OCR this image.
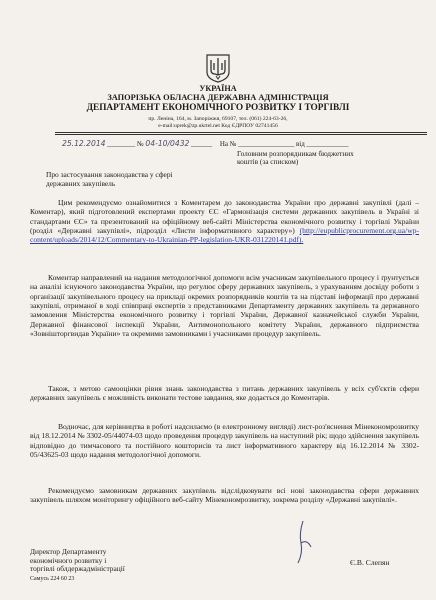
УКРАЇНА
ЗАПОРІЗЬКА ОБЛАСНА ДЕРЖАВНА АДМІНІСТРАЦІЯ
ДЕПАРТАМЕНТ ЕКОНОМІЧНОГО РОЗВИТКУ І ТОРГІВЛІ
пр. Леніна, 164, м. Запоріжжя, 69107, тел. (061) 224-63-26,
e-mail:uprek@zp.ukrtel.net Код ЄДРПОУ 02741456
25.12.2014 ________ № 04-10/0432 ______ На № ________________ від ____________
Головним розпорядникам бюджетних
коштів (за списком)
Про застосування законодавства у сфері
державних закупівель

Цим рекомендуємо ознайомитися з Коментарем до законодавства України про державні закупівлі (далі – Коментар), який підготовлений експертами проекту ЄС «Гармонізація системи державних закупівель в Україні зі стандартами ЄС» та презентований на офіційному веб-сайті Міністерства економічного розвитку і торгівлі України (розділ «Державні закупівлі», підрозділ «Листи інформативного характеру») (http://eupublicprocurement.org.ua/wp-content/uploads/2014/12/Commentary-to-Ukrainian-PP-legislation-UKR-031220141.pdf).

Коментар направлений на надання методологічної допомоги всім учасникам закупівельного процесу і ґрунтується на аналізі існуючого законодавства України, що регулює сферу державних закупівель, з урахуванням досвіду роботи з організації закупівельного процесу на прикладі окремих розпорядників коштів та на підставі інформації про державні закупівлі, отриманої в ході співпраці експертів з представниками Департаменту державних закупівель та державного замовлення Міністерства економічного розвитку і торгівлі України, Державної казначейської служби України, Державної фінансової інспекції України, Антимонопольного комітету України, державного підприємства «Зовнішторгвидав України» та окремими замовниками і учасниками процедур закупівель.

Також, з метою самооцінки рівня знань законодавства з питань державних закупівель у всіх суб'єктів сфери державних закупівель є можливість виконати тестове завдання, яке додається до Коментарів.

Водночас, для керівництва в роботі надсилаємо (в електронному вигляді) лист-роз'яснення Мінекономрозвитку від 18.12.2014 № 3302-05/44074-03 щодо проведення процедур закупівель на наступний рік; щодо здійснення закупівель відповідно до тимчасового та постійного кошторисів та лист інформативного характеру від 16.12.2014 № 3302-05/43625-03 щодо надання методологічної допомоги.

Рекомендуємо замовникам державних закупівель відслідковувати всі нові законодавства сфери державних закупівель шляхом моніторингу офіційного веб-сайту Мінекономрозвитку, зокрема розділу «Державні закупівлі».

Директор Департаменту
економічного розвитку і
торгівлі облдержадміністрації
Є.В. Слепян
Самусь 224 60 23
